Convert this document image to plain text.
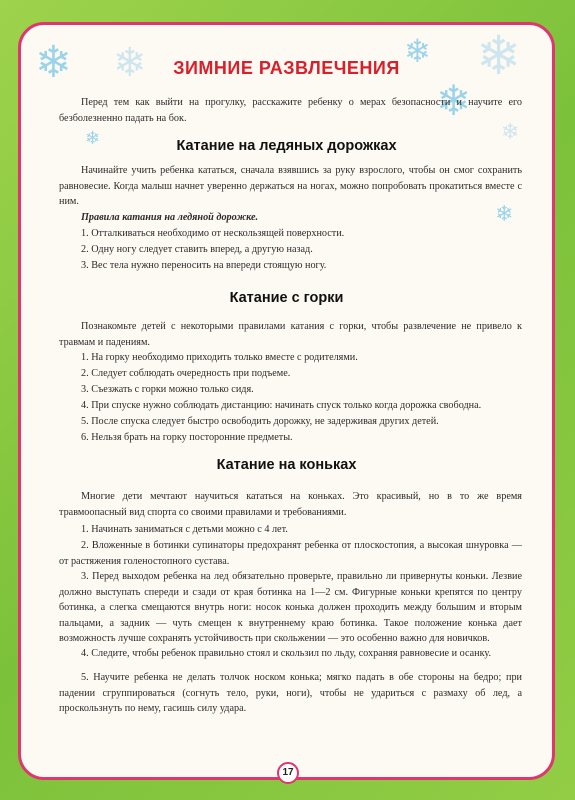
❄ ❄	❄ ❄
❄
❄
❄
❄
ЗИМНИЕ РАЗВЛЕЧЕНИЯ

Перед тем как выйти на прогулку, расскажите ребенку о мерах безопасности и научите его безболезненно падать на бок.

Катание на ледяных дорожках

Начинайте учить ребенка кататься, сначала взявшись за руку взрослого, чтобы он смог сохранить равновесие. Когда малыш начнет уверенно держаться на ногах, можно попробовать прокатиться вместе с ним.

Правила катания на ледяной дорожке.

1. Отталкиваться необходимо от нескользящей поверхности.

2. Одну ногу следует ставить вперед, а другую назад.

3. Вес тела нужно переносить на впереди стоящую ногу.

Катание с горки

Познакомьте детей с некоторыми правилами катания с горки, чтобы развлечение не привело к травмам и падениям.

1. На горку необходимо приходить только вместе с родителями.

2. Следует соблюдать очередность при подъеме.

3. Съезжать с горки можно только сидя.

4. При спуске нужно соблюдать дистанцию: начинать спуск только когда дорожка свободна.

5. После спуска следует быстро освободить дорожку, не задерживая других детей.

6. Нельзя брать на горку посторонние предметы.

Катание на коньках

Многие дети мечтают научиться кататься на коньках. Это красивый, но в то же время травмоопасный вид спорта со своими правилами и требованиями.

1. Начинать заниматься с детьми можно с 4 лет.

2. Вложенные в ботинки супинаторы предохранят ребенка от плоскостопия, а высокая шнуровка — от растяжения голеностопного сустава.

3. Перед выходом ребенка на лед обязательно проверьте, правильно ли привернуты коньки. Лезвие должно выступать спереди и сзади от края ботинка на 1—2 см. Фигурные коньки крепятся по центру ботинка, а слегка смещаются внутрь ноги: носок конька должен проходить между большим и вторым пальцами, а задник — чуть смещен к внутреннему краю ботинка. Такое положение конька дает возможность лучше сохранять устойчивость при скольжении — это особенно важно для новичков.

4. Следите, чтобы ребенок правильно стоял и скользил по льду, сохраняя равновесие и осанку.

5. Научите ребенка не делать толчок носком конька; мягко падать в обе стороны на бедро; при падении сгруппироваться (согнуть тело, руки, ноги), чтобы не удариться с размаху об лед, а проскользнуть по нему, гасишь силу удара.

17
